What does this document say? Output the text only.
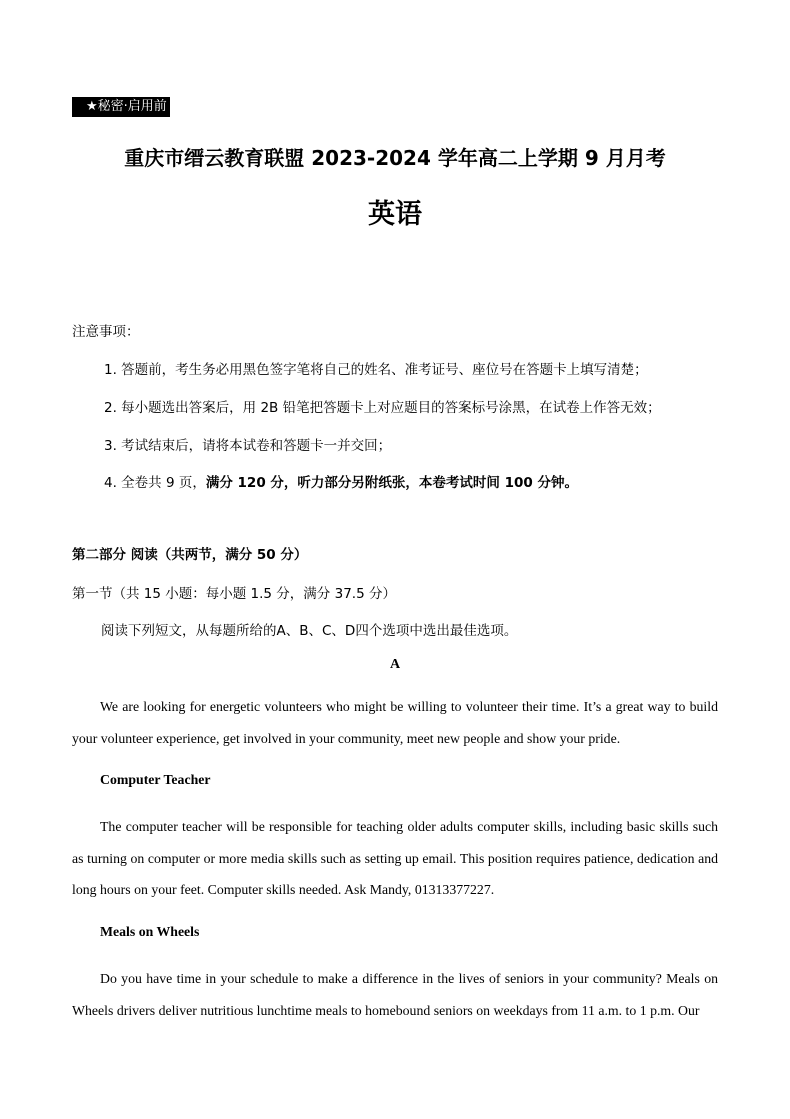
★秘密·启用前
重庆市缙云教育联盟 2023-2024 学年高二上学期 9 月月考
英语
注意事项：
1. 答题前，考生务必用黑色签字笔将自己的姓名、准考证号、座位号在答题卡上填写清楚；
2. 每小题选出答案后，用 2B 铅笔把答题卡上对应题目的答案标号涂黑，在试卷上作答无效；
3. 考试结束后，请将本试卷和答题卡一并交回；
4. 全卷共 9 页，满分 120 分，听力部分另附纸张，本卷考试时间 100 分钟。
第二部分 阅读（共两节，满分 50 分）
第一节（共 15 小题：每小题 1.5 分，满分 37.5 分）
阅读下列短文，从每题所给的A、B、C、D四个选项中选出最佳选项。
A
We are looking for energetic volunteers who might be willing to volunteer their time. It’s a great way to build your volunteer experience, get involved in your community, meet new people and show your pride.
Computer Teacher
The computer teacher will be responsible for teaching older adults computer skills, including basic skills such as turning on computer or more media skills such as setting up email. This position requires patience, dedication and long hours on your feet. Computer skills needed. Ask Mandy, 01313377227.
Meals on Wheels
Do you have time in your schedule to make a difference in the lives of seniors in your community? Meals on Wheels drivers deliver nutritious lunchtime meals to homebound seniors on weekdays from 11 a.m. to 1 p.m. Our
